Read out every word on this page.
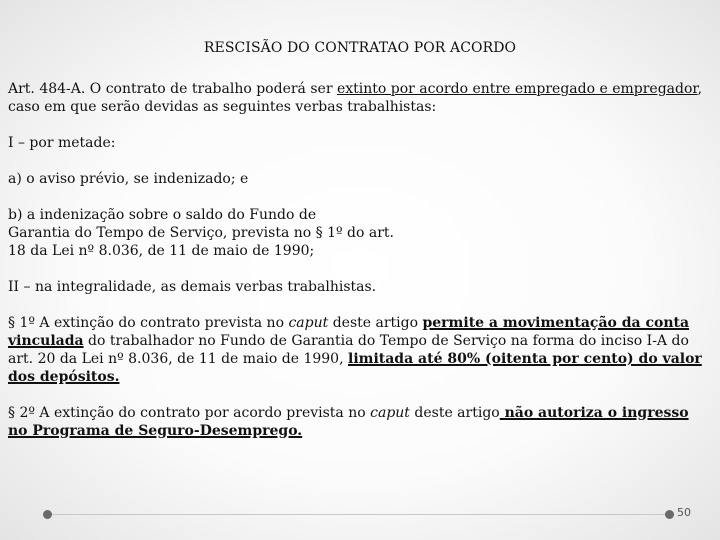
RESCISÃO DO CONTRATAO POR ACORDO

Art. 484-A. O contrato de trabalho poderá ser extinto por acordo entre empregado e empregador, caso em que serão devidas as seguintes verbas trabalhistas:

I – por metade:

a) o aviso prévio, se indenizado; e

b) a indenização sobre o saldo do Fundo de
Garantia do Tempo de Serviço, prevista no § 1º do art.
18 da Lei nº 8.036, de 11 de maio de 1990;

II – na integralidade, as demais verbas trabalhistas.

§ 1º A extinção do contrato prevista no caput deste artigo permite a movimentação da conta vinculada do trabalhador no Fundo de Garantia do Tempo de Serviço na forma do inciso I-A do art. 20 da Lei nº 8.036, de 11 de maio de 1990, limitada até 80% (oitenta por cento) do valor dos depósitos.

§ 2º A extinção do contrato por acordo prevista no caput deste artigo não autoriza o ingresso no Programa de Seguro-Desemprego.

50
